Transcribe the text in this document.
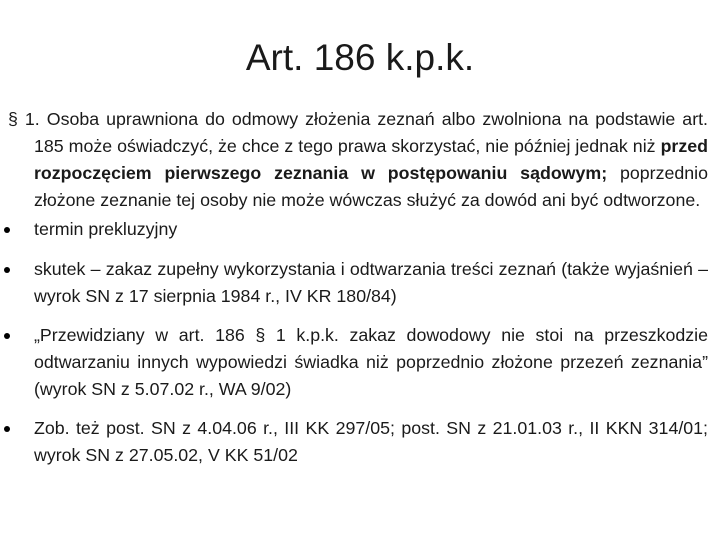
Art. 186 k.p.k.

§ 1. Osoba uprawniona do odmowy złożenia zeznań albo zwolniona na podstawie art. 185 może oświadczyć, że chce z tego prawa skorzystać, nie później jednak niż przed rozpoczęciem pierwszego zeznania w postępowaniu sądowym; poprzednio złożone zeznanie tej osoby nie może wówczas służyć za dowód ani być odtworzone.

termin prekluzyjny
skutek – zakaz zupełny wykorzystania i odtwarzania treści zeznań (także wyjaśnień – wyrok SN z 17 sierpnia 1984 r., IV KR 180/84)
„Przewidziany w art. 186 § 1 k.p.k. zakaz dowodowy nie stoi na przeszkodzie odtwarzaniu innych wypowiedzi świadka niż poprzednio złożone przezeń zeznania” (wyrok SN z 5.07.02 r., WA 9/02)
Zob. też post. SN z 4.04.06 r., III KK 297/05; post. SN z 21.01.03 r., II KKN 314/01; wyrok SN z 27.05.02, V KK 51/02
